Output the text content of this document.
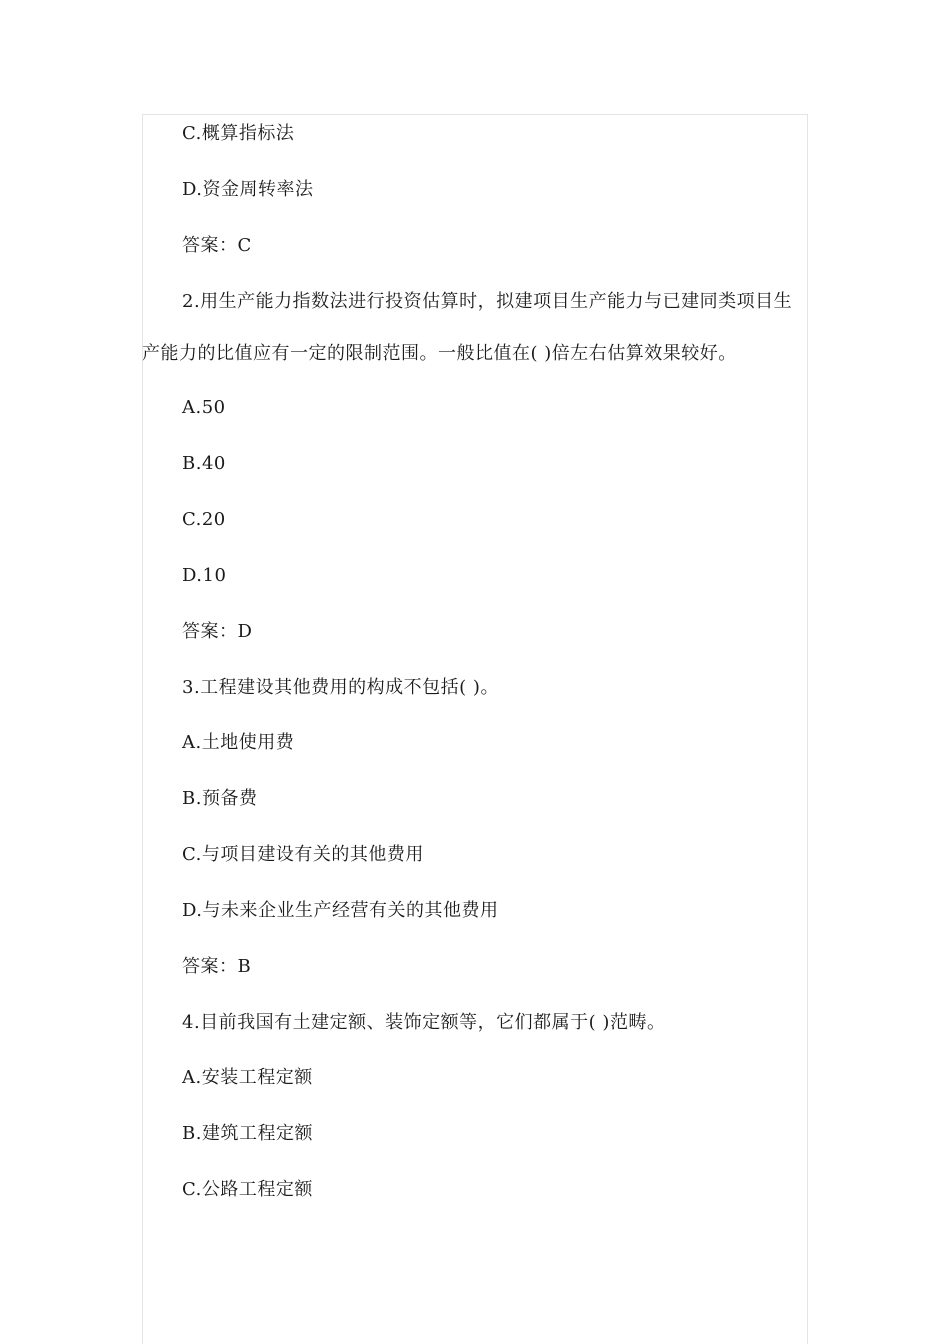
C.概算指标法
D.资金周转率法
答案：C
2.用生产能力指数法进行投资估算时，拟建项目生产能力与已建同类项目生
产能力的比值应有一定的限制范围。一般比值在( )倍左右估算效果较好。
A.50
B.40
C.20
D.10
答案：D
3.工程建设其他费用的构成不包括( )。
A.土地使用费
B.预备费
C.与项目建设有关的其他费用
D.与未来企业生产经营有关的其他费用
答案：B
4.目前我国有土建定额、装饰定额等，它们都属于( )范畴。
A.安装工程定额
B.建筑工程定额
C.公路工程定额
